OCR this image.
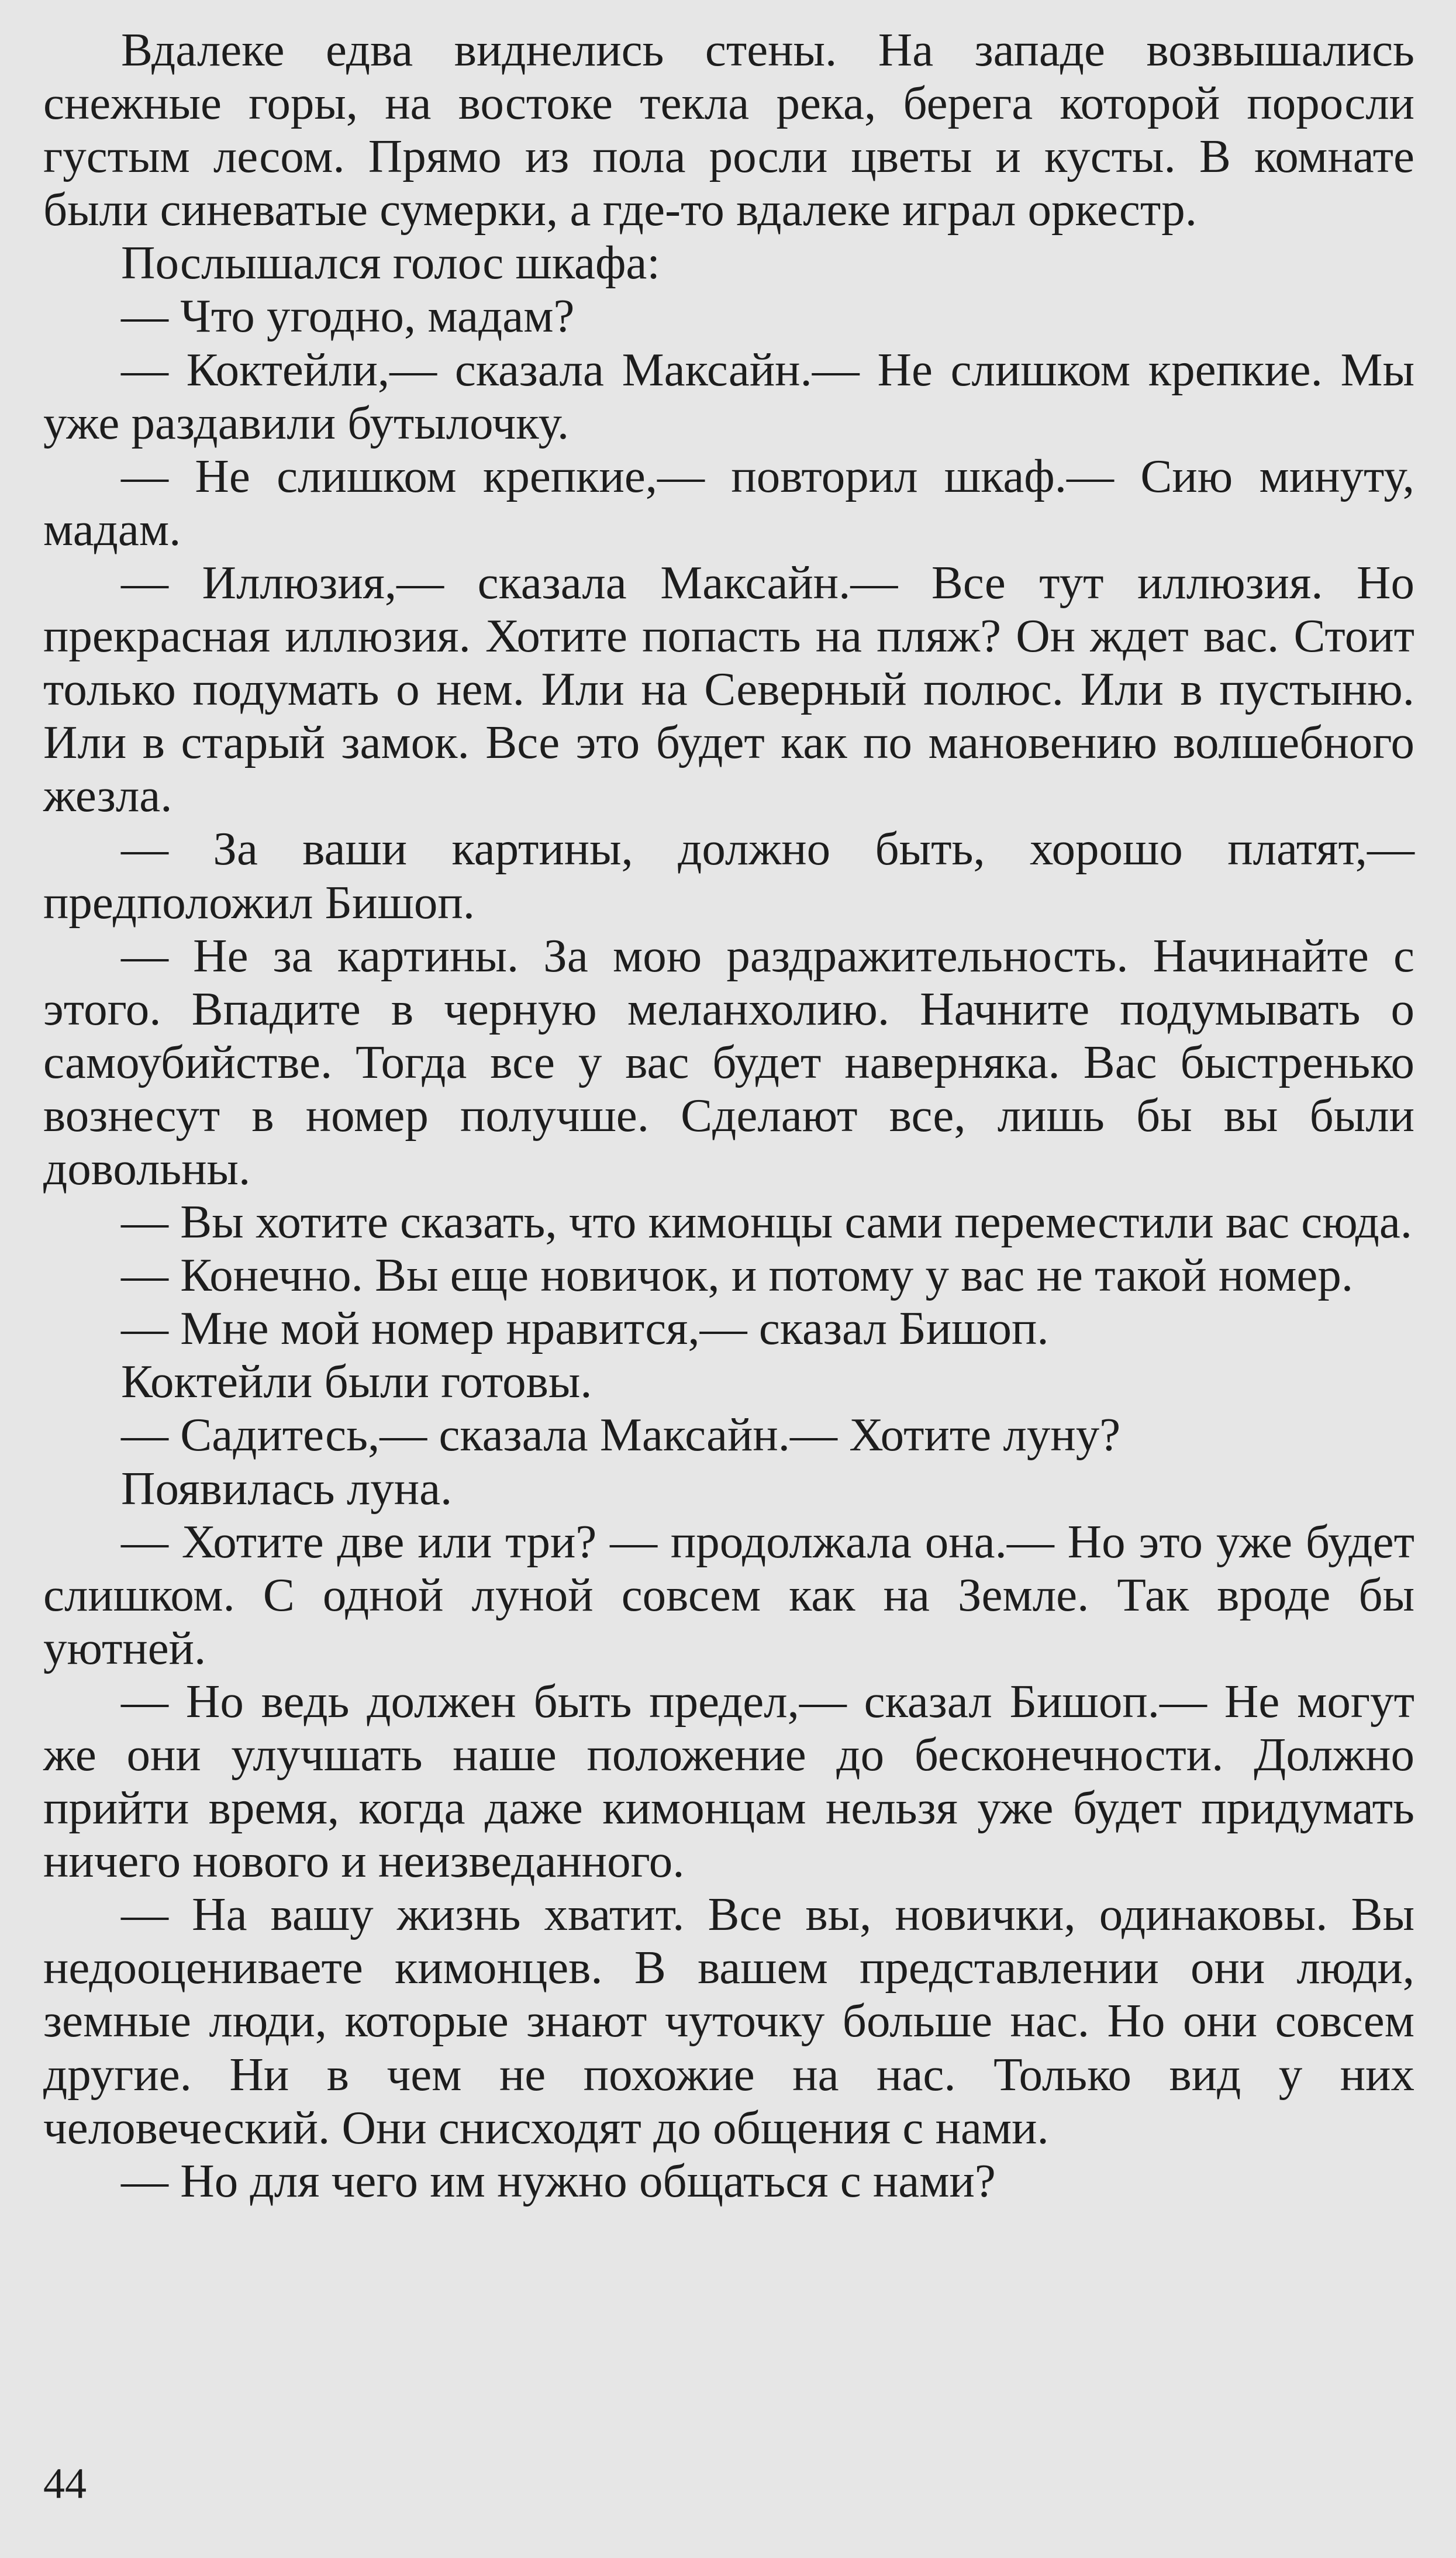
Вдалеке едва виднелись стены. На западе возвышались снежные горы, на востоке текла река, берега которой поросли густым лесом. Прямо из пола росли цветы и кусты. В комнате были синеватые сумерки, а где-то вдалеке играл оркестр.

Послышался голос шкафа:

— Что угодно, мадам?

— Коктейли,— сказала Максайн.— Не слишком крепкие. Мы уже раздавили бутылочку.

— Не слишком крепкие,— повторил шкаф.— Сию минуту, мадам.

— Иллюзия,— сказала Максайн.— Все тут иллюзия. Но прекрасная иллюзия. Хотите попасть на пляж? Он ждет вас. Стоит только подумать о нем. Или на Северный полюс. Или в пустыню. Или в старый замок. Все это будет как по мановению волшебного жезла.

— За ваши картины, должно быть, хорошо платят,— предположил Бишоп.

— Не за картины. За мою раздражительность. Начинайте с этого. Впадите в черную меланхолию. Начните подумывать о самоубийстве. Тогда все у вас будет наверняка. Вас быстренько вознесут в номер получше. Сделают все, лишь бы вы были довольны.

— Вы хотите сказать, что кимонцы сами переместили вас сюда.

— Конечно. Вы еще новичок, и потому у вас не такой номер.

— Мне мой номер нравится,— сказал Бишоп.

Коктейли были готовы.

— Садитесь,— сказала Максайн.— Хотите луну?

Появилась луна.

— Хотите две или три? — продолжала она.— Но это уже будет слишком. С одной луной совсем как на Земле. Так вроде бы уютней.

— Но ведь должен быть предел,— сказал Бишоп.— Не могут же они улучшать наше положение до бесконечности. Должно прийти время, когда даже кимонцам нельзя уже будет придумать ничего нового и неизведанного.

— На вашу жизнь хватит. Все вы, новички, одинаковы. Вы недооцениваете кимонцев. В вашем представлении они люди, земные люди, которые знают чуточку больше нас. Но они совсем другие. Ни в чем не похожие на нас. Только вид у них человеческий. Они снисходят до общения с нами.

— Но для чего им нужно общаться с нами?

44
